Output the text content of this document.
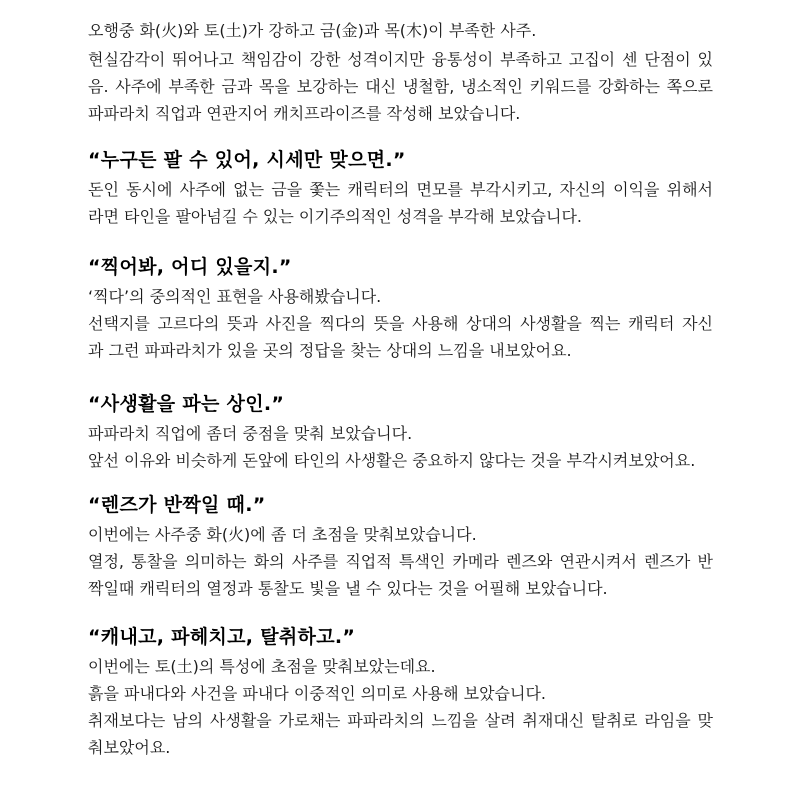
오행중 화(火)와 토(土)가 강하고 금(金)과 목(木)이 부족한 사주.
현실감각이 뛰어나고 책임감이 강한 성격이지만 융통성이 부족하고 고집이 센 단점이 있
음. 사주에 부족한 금과 목을 보강하는 대신 냉철함, 냉소적인 키워드를 강화하는 쪽으로
파파라치 직업과 연관지어 캐치프라이즈를 작성해 보았습니다.
“누구든 팔 수 있어, 시세만 맞으면.”
돈인 동시에 사주에 없는 금을 쫓는 캐릭터의 면모를 부각시키고, 자신의 이익을 위해서
라면 타인을 팔아넘길 수 있는 이기주의적인 성격을 부각해 보았습니다.
“찍어봐, 어디 있을지.”
‘찍다’의 중의적인 표현을 사용해봤습니다.
선택지를 고르다의 뜻과 사진을 찍다의 뜻을 사용해 상대의 사생활을 찍는 캐릭터 자신
과 그런 파파라치가 있을 곳의 정답을 찾는 상대의 느낌을 내보았어요.
“사생활을 파는 상인.”
파파라치 직업에 좀더 중점을 맞춰 보았습니다.
앞선 이유와 비슷하게 돈앞에 타인의 사생활은 중요하지 않다는 것을 부각시켜보았어요.
“렌즈가 반짝일 때.”
이번에는 사주중 화(火)에 좀 더 초점을 맞춰보았습니다.
열정, 통찰을 의미하는 화의 사주를 직업적 특색인 카메라 렌즈와 연관시켜서 렌즈가 반
짝일때 캐릭터의 열정과 통찰도 빛을 낼 수 있다는 것을 어필해 보았습니다.
“캐내고, 파헤치고, 탈취하고.”
이번에는 토(土)의 특성에 초점을 맞춰보았는데요.
흙을 파내다와 사건을 파내다 이중적인 의미로 사용해 보았습니다.
취재보다는 남의 사생활을 가로채는 파파라치의 느낌을 살려 취재대신 탈취로 라임을 맞
춰보았어요.
